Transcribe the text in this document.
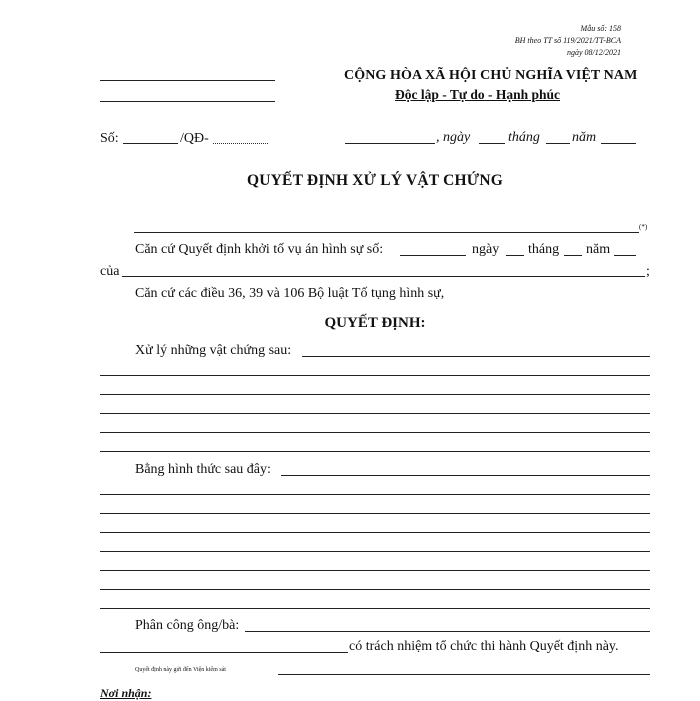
Mẫu số: 158
BH theo TT số 119/2021/TT-BCA
ngày 08/12/2021
CỘNG HÒA XÃ HỘI CHỦ NGHĨA VIỆT NAM
Độc lập - Tự do - Hạnh phúc
Số:	/QĐ-	, ngày	tháng năm
QUYẾT ĐỊNH XỬ LÝ VẬT CHỨNG
(*)
Căn cứ Quyết định khởi tố vụ án hình sự số:	ngày tháng năm
của	;
Căn cứ các điều 36, 39 và 106 Bộ luật Tố tụng hình sự,
QUYẾT ĐỊNH:
Xử lý những vật chứng sau:
Bằng hình thức sau đây:
Phân công ông/bà:
có trách nhiệm tổ chức thi hành Quyết định này.
Quyết định này gửi đến Viện kiểm sát
Nơi nhận:
